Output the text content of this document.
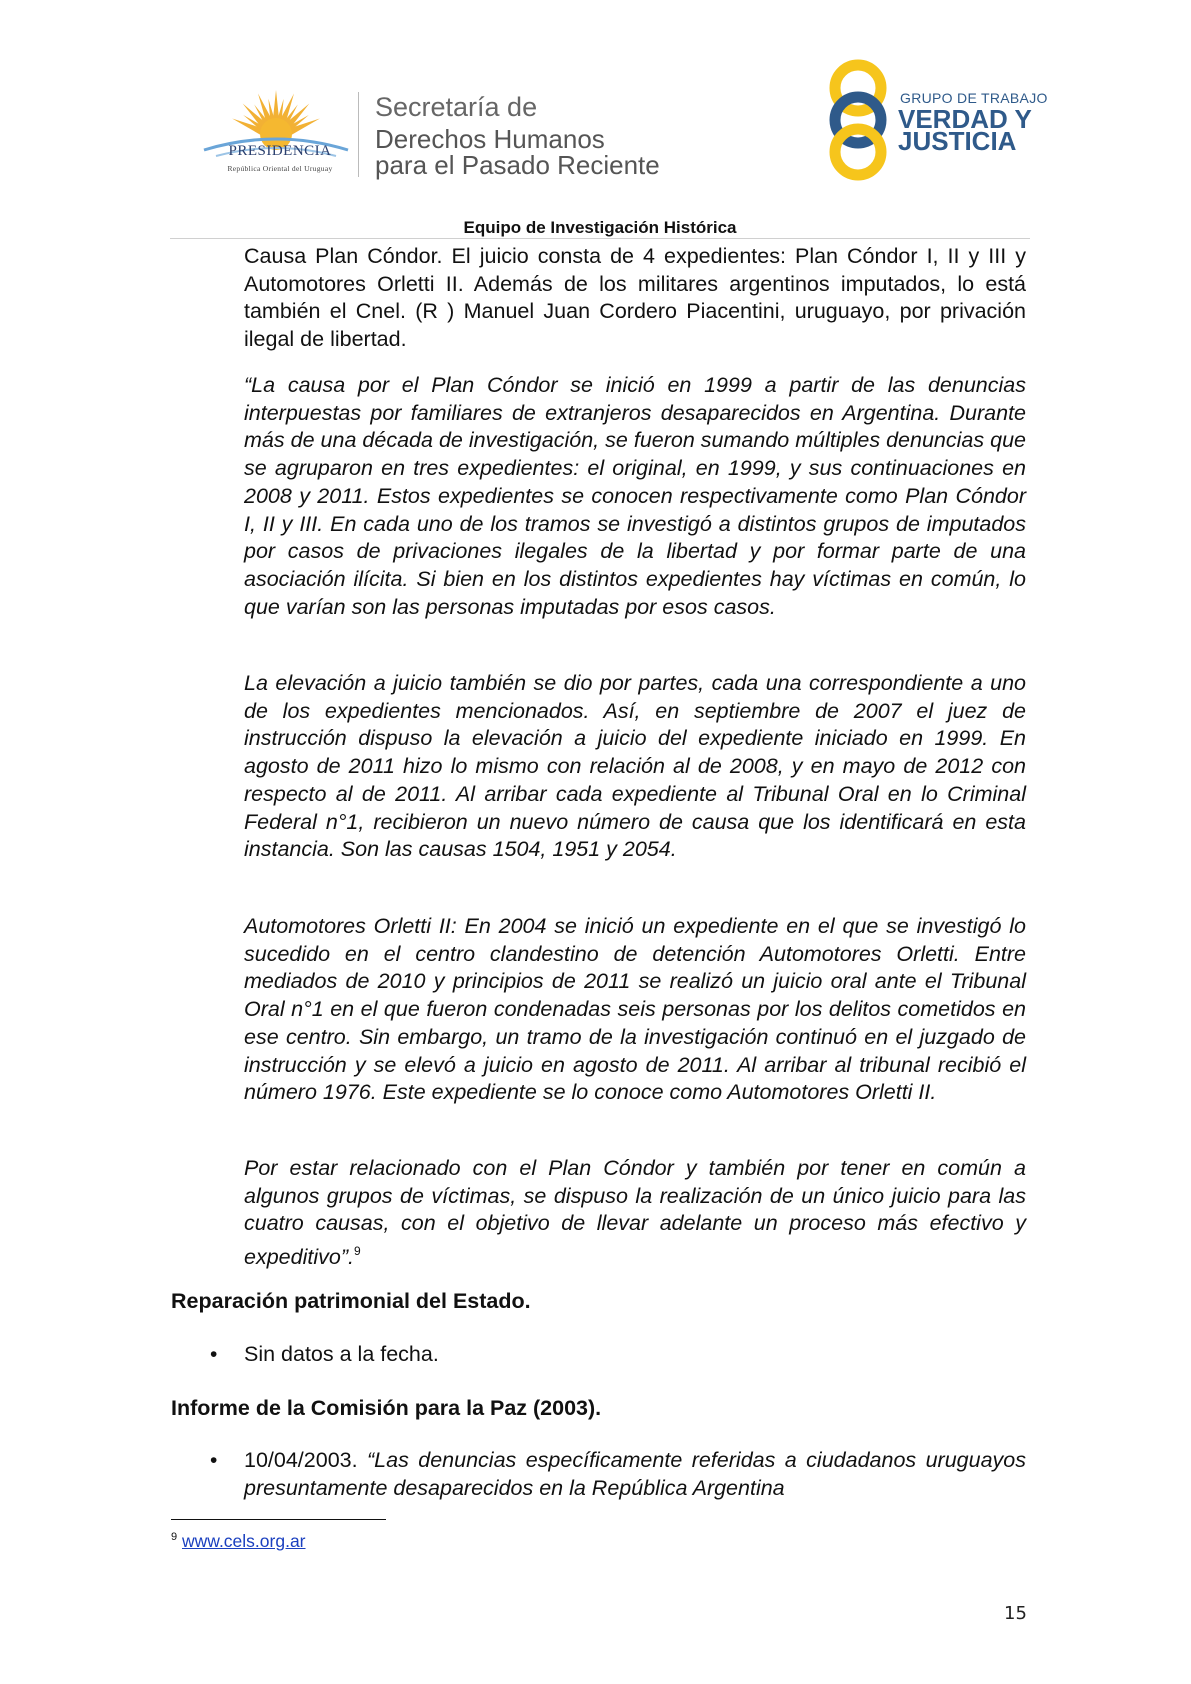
PRESIDENCIA
República Oriental del Uruguay
Secretaría de
Derechos Humanos
para el Pasado Reciente
GRUPO DE TRABAJO
VERDAD Y
JUSTICIA
Equipo de Investigación Histórica
Causa Plan Cóndor. El juicio consta de 4 expedientes: Plan Cóndor I, II y III y Automotores Orletti II. Además de los militares argentinos imputados, lo está también el Cnel. (R ) Manuel Juan Cordero Piacentini, uruguayo, por privación ilegal de libertad.
“La causa por el Plan Cóndor se inició en 1999 a partir de las denuncias interpuestas por familiares de extranjeros desaparecidos en Argentina. Durante más de una década de investigación, se fueron sumando múltiples denuncias que se agruparon en tres expedientes: el original, en 1999, y sus continuaciones en 2008 y 2011. Estos expedientes se conocen respectivamente como Plan Cóndor I, II y III. En cada uno de los tramos se investigó a distintos grupos de imputados por casos de privaciones ilegales de la libertad y por formar parte de una asociación ilícita. Si bien en los distintos expedientes hay víctimas en común, lo que varían son las personas imputadas por esos casos.
La elevación a juicio también se dio por partes, cada una correspondiente a uno de los expedientes mencionados. Así, en septiembre de 2007 el juez de instrucción dispuso la elevación a juicio del expediente iniciado en 1999. En agosto de 2011 hizo lo mismo con relación al de 2008, y en mayo de 2012 con respecto al de 2011. Al arribar cada expediente al Tribunal Oral en lo Criminal Federal n°1, recibieron un nuevo número de causa que los identificará en esta instancia. Son las causas 1504, 1951 y 2054.
Automotores Orletti II: En 2004 se inició un expediente en el que se investigó lo sucedido en el centro clandestino de detención Automotores Orletti. Entre mediados de 2010 y principios de 2011 se realizó un juicio oral ante el Tribunal Oral n°1 en el que fueron condenadas seis personas por los delitos cometidos en ese centro. Sin embargo, un tramo de la investigación continuó en el juzgado de instrucción y se elevó a juicio en agosto de 2011. Al arribar al tribunal recibió el número 1976. Este expediente se lo conoce como Automotores Orletti II.
Por estar relacionado con el Plan Cóndor y también por tener en común a algunos grupos de víctimas, se dispuso la realización de un único juicio para las cuatro causas, con el objetivo de llevar adelante un proceso más efectivo y expeditivo”.$^9$
Reparación patrimonial del Estado.
• Sin datos a la fecha.
Informe de la Comisión para la Paz (2003).
• 10/04/2003. “Las denuncias específicamente referidas a ciudadanos uruguayos presuntamente desaparecidos en la República Argentina
$^9$ www.cels.org.ar
15
